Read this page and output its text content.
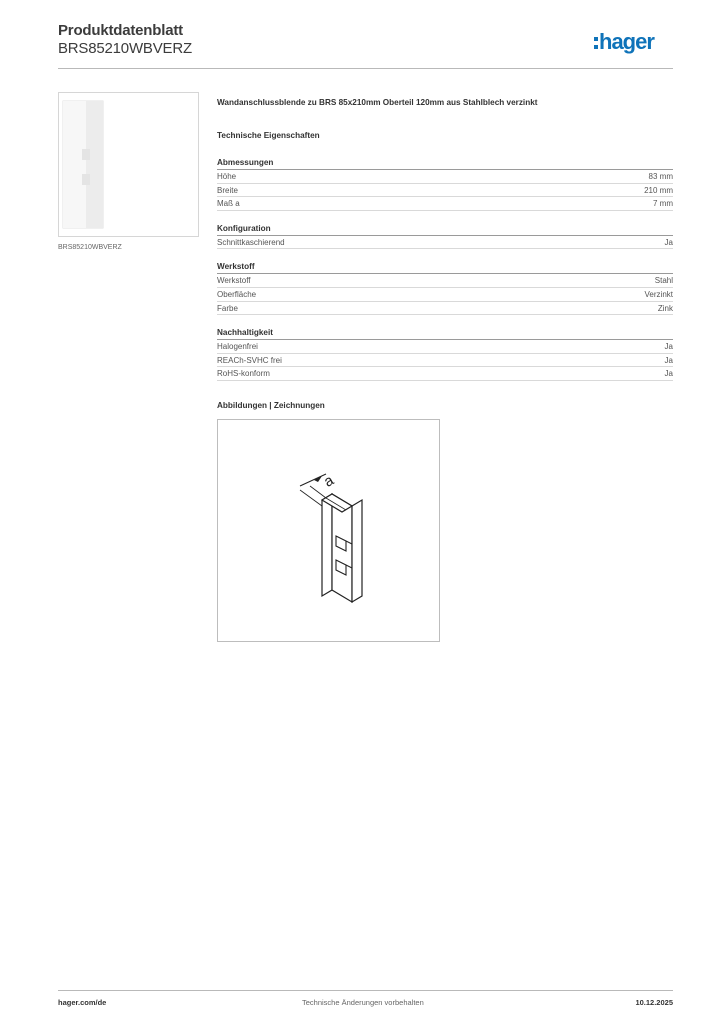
Produktdatenblatt
BRS85210WBVERZ	hager
BRS85210WBVERZ
Wandanschlussblende zu BRS 85x210mm Oberteil 120mm aus Stahlblech verzinkt
Technische Eigenschaften
Abmessungen
Höhe	83 mm
Breite	210 mm
Maß a	7 mm
Konfiguration
Schnittkaschierend	Ja
Werkstoff
Werkstoff	Stahl
Oberfläche	Verzinkt
Farbe	Zink
Nachhaltigkeit
Halogenfrei	Ja
REACh-SVHC frei	Ja
RoHS-konform	Ja
Abbildungen | Zeichnungen
a
hager.com/de	Technische Änderungen vorbehalten	10.12.2025
